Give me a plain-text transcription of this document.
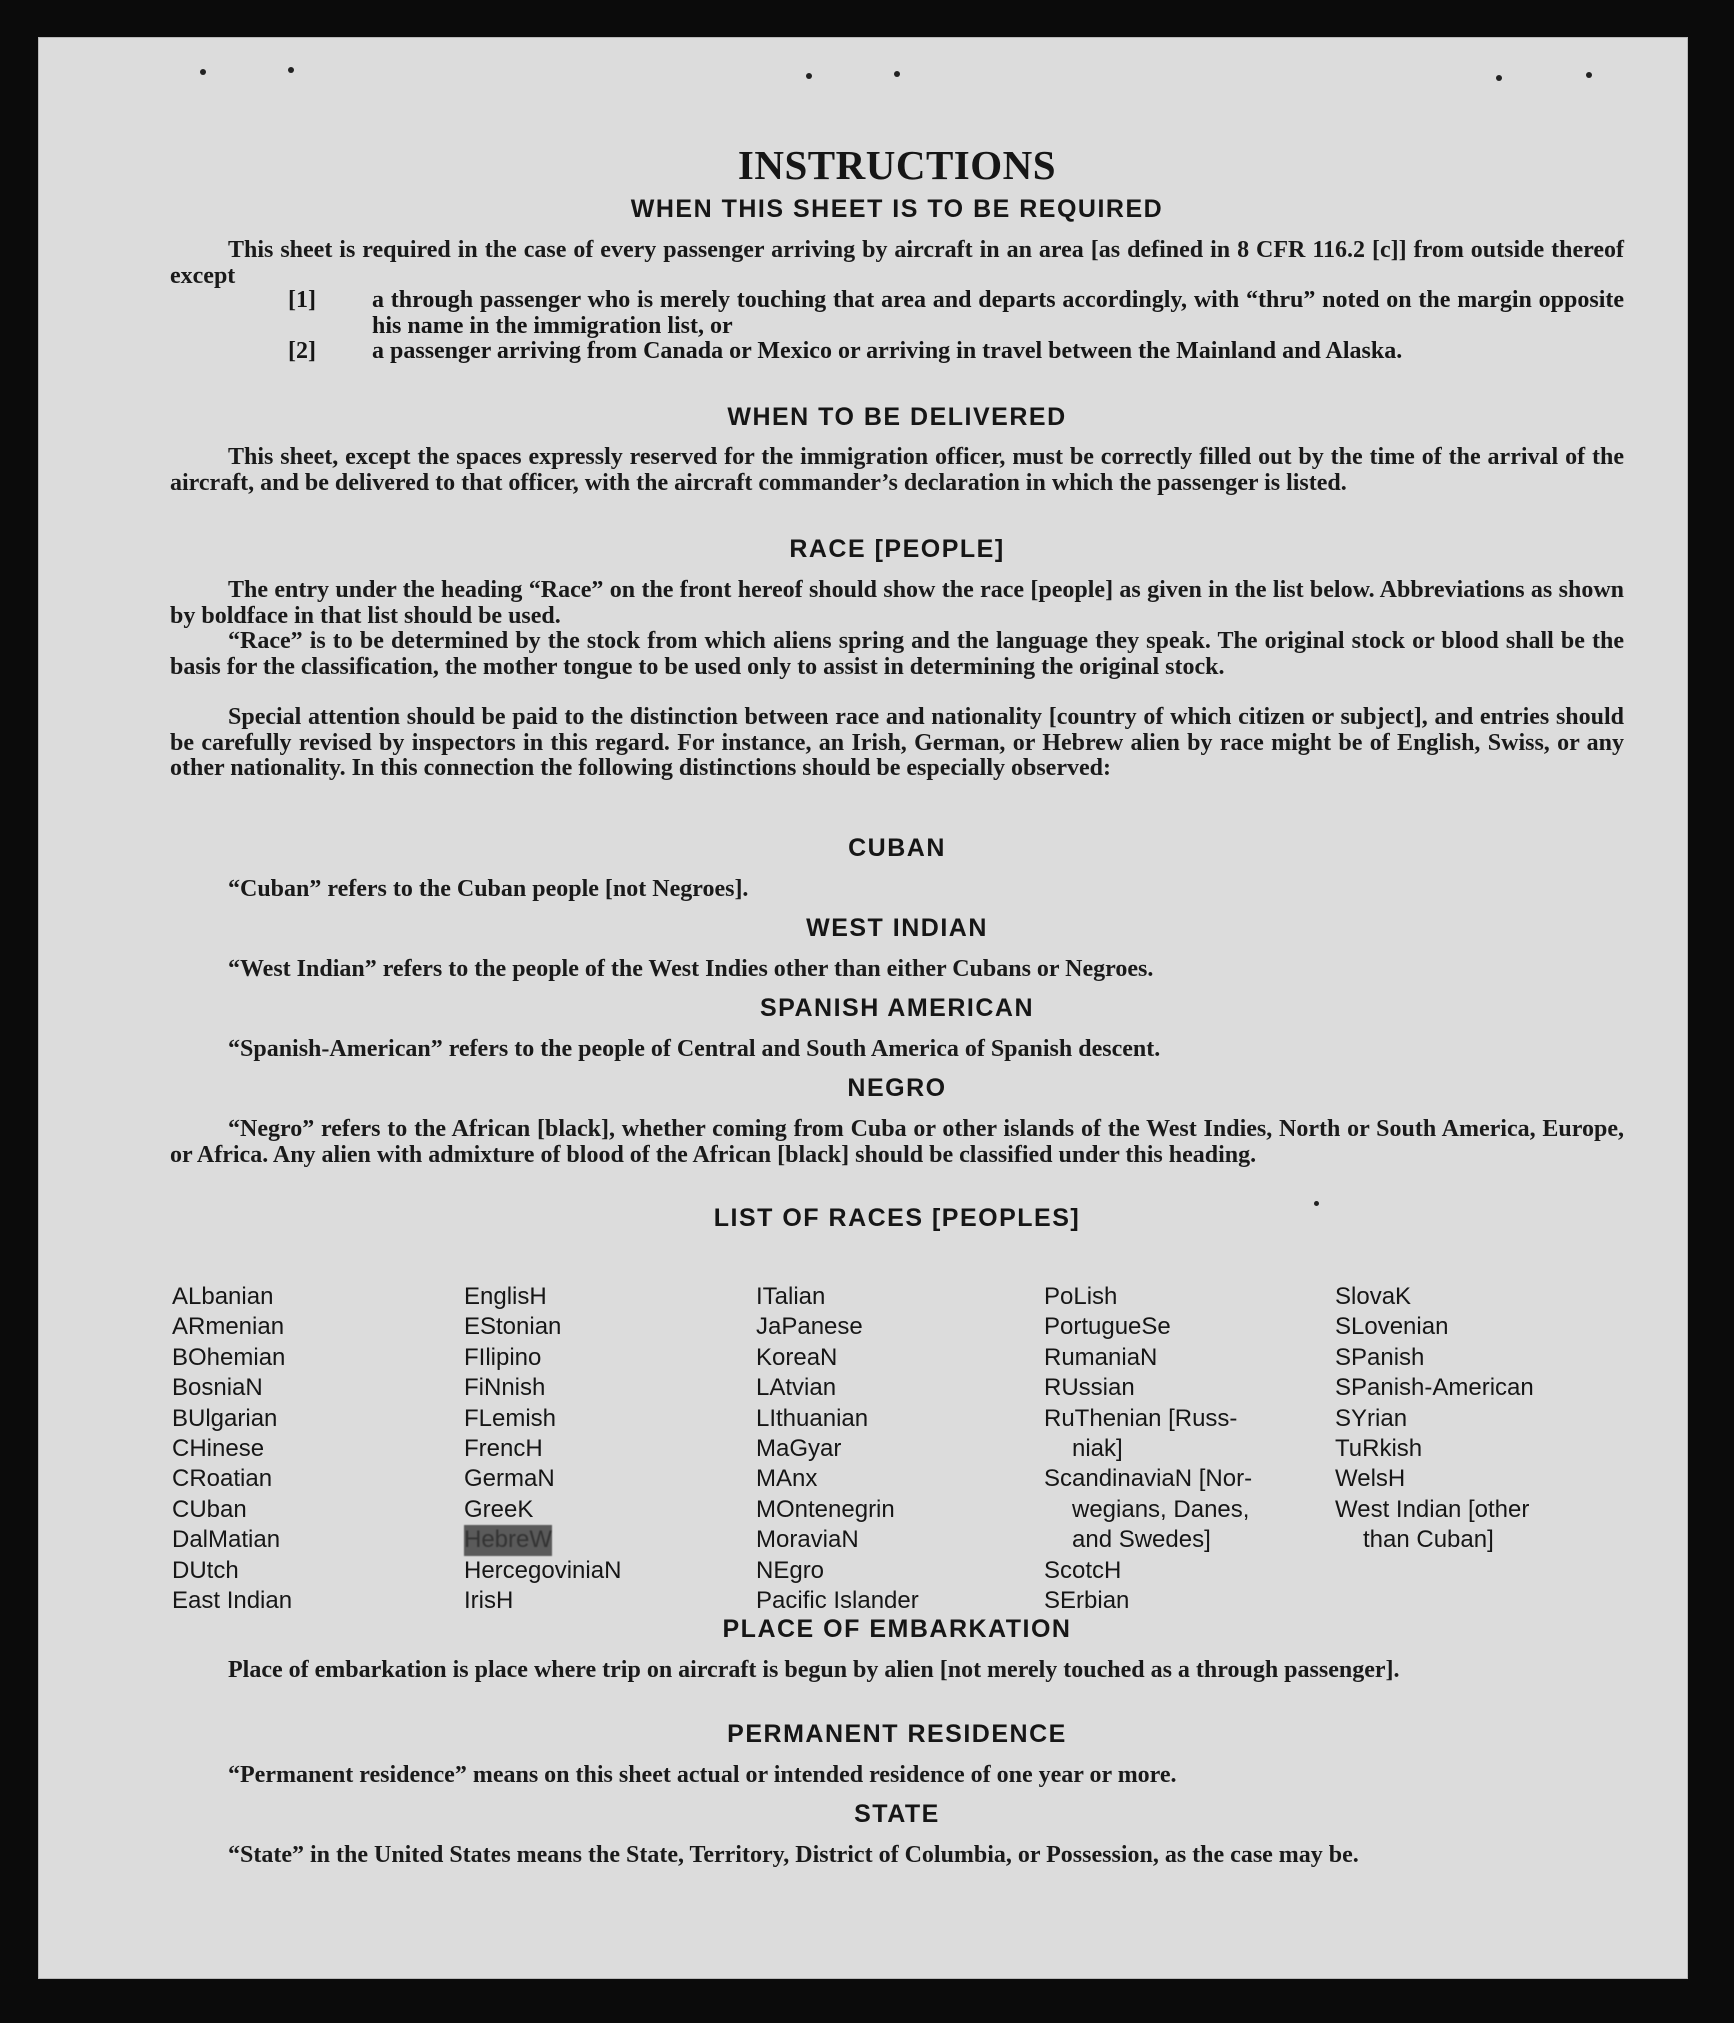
INSTRUCTIONS
WHEN THIS SHEET IS TO BE REQUIRED

This sheet is required in the case of every passenger arriving by aircraft in an area [as defined in 8 CFR 116.2 [c]] from outside thereof except

[1] a through passenger who is merely touching that area and departs accordingly, with “thru” noted on the margin opposite his name in the immigration list, or
[2] a passenger arriving from Canada or Mexico or arriving in travel between the Mainland and Alaska.
WHEN TO BE DELIVERED

This sheet, except the spaces expressly reserved for the immigration officer, must be correctly filled out by the time of the arrival of the aircraft, and be delivered to that officer, with the aircraft commander’s declaration in which the passenger is listed.

RACE [PEOPLE]

The entry under the heading “Race” on the front hereof should show the race [people] as given in the list below. Abbreviations as shown by boldface in that list should be used.

“Race” is to be determined by the stock from which aliens spring and the language they speak. The original stock or blood shall be the basis for the classification, the mother tongue to be used only to assist in determining the original stock.

Special attention should be paid to the distinction between race and nationality [country of which citizen or subject], and entries should be carefully revised by inspectors in this regard. For instance, an Irish, German, or Hebrew alien by race might be of English, Swiss, or any other nationality. In this connection the following distinctions should be especially observed:

CUBAN

“Cuban” refers to the Cuban people [not Negroes].

WEST INDIAN

“West Indian” refers to the people of the West Indies other than either Cubans or Negroes.

SPANISH AMERICAN

“Spanish-American” refers to the people of Central and South America of Spanish descent.

NEGRO

“Negro” refers to the African [black], whether coming from Cuba or other islands of the West Indies, North or South America, Europe, or Africa. Any alien with admixture of blood of the African [black] should be classified under this heading.

LIST OF RACES [PEOPLES]
ALbanian
ARmenian
BOhemian
BosniaN
BUlgarian
CHinese
CRoatian
CUban
DalMatian
DUtch
East Indian
EnglisH
EStonian
FIlipino
FiNnish
FLemish
FrencH
GermaN
GreeK
HebreW
HercegoviniaN
IrisH
ITalian
JaPanese
KoreaN
LAtvian
LIthuanian
MaGyar
MAnx
MOntenegrin
MoraviaN
NEgro
Pacific Islander
PoLish
PortugueSe
RumaniaN
RUssian
RuThenian [Russ-
niak]
ScandinaviaN [Nor-
wegians, Danes,
and Swedes]
ScotcH
SErbian
SlovaK
SLovenian
SPanish
SPanish-American
SYrian
TuRkish
WelsH
West Indian [other
than Cuban]
PLACE OF EMBARKATION

Place of embarkation is place where trip on aircraft is begun by alien [not merely touched as a through passenger].

PERMANENT RESIDENCE

“Permanent residence” means on this sheet actual or intended residence of one year or more.

STATE

“State” in the United States means the State, Territory, District of Columbia, or Possession, as the case may be.
